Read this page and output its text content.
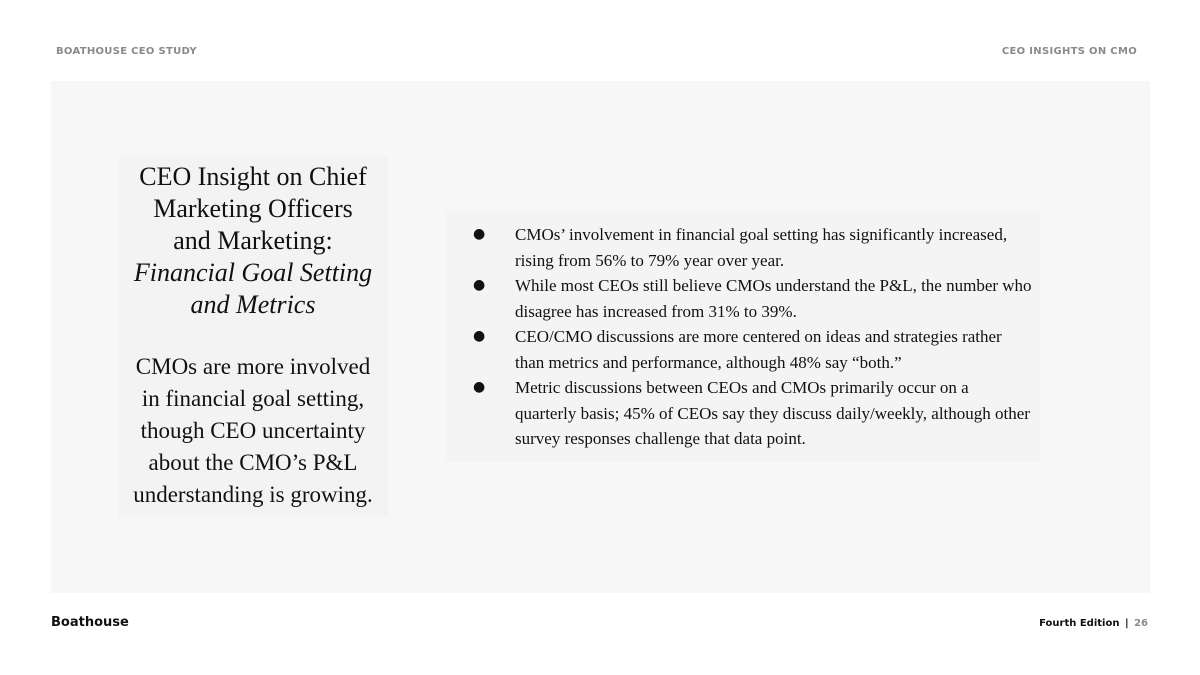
BOATHOUSE CEO STUDY	CEO INSIGHTS ON CMO
CEO Insight on Chief
Marketing Officers
and Marketing:
Financial Goal Setting
and Metrics

CMOs are more involved in financial goal setting, though CEO uncertainty about the CMO’s P&L understanding is growing.

● CMOs’ involvement in financial goal setting has significantly increased, rising from 56% to 79% year over year.
● While most CEOs still believe CMOs understand the P&L, the number who disagree has increased from 31% to 39%.
● CEO/CMO discussions are more centered on ideas and strategies rather than metrics and performance, although 48% say “both.”
● Metric discussions between CEOs and CMOs primarily occur on a quarterly basis; 45% of CEOs say they discuss daily/weekly, although other survey responses challenge that data point.
Boathouse	Fourth Edition | 26
